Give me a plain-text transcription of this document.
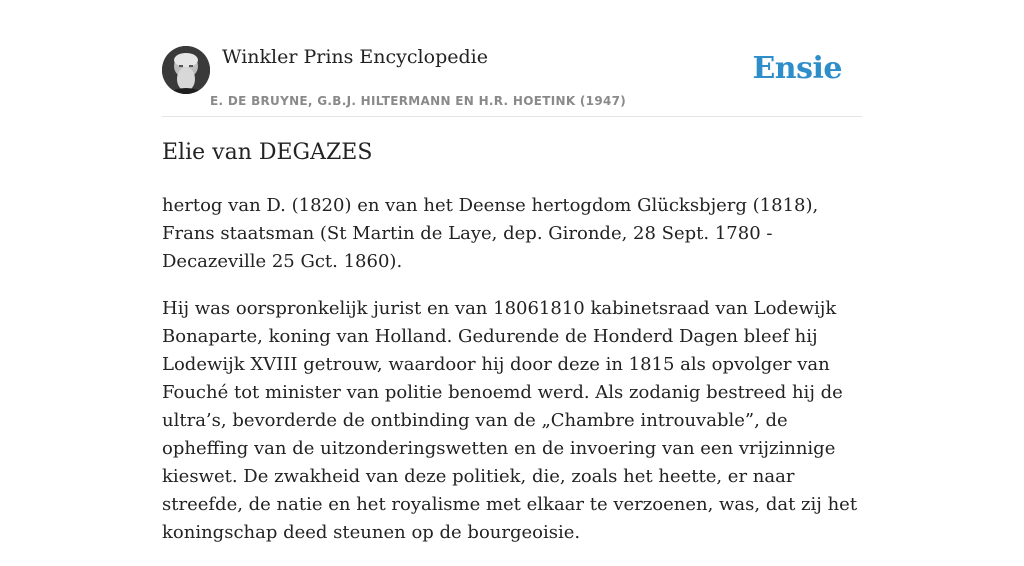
Winkler Prins Encyclopedie
E. DE BRUYNE, G.B.J. HILTERMANN EN H.R. HOETINK (1947)
Ensie
Elie van DEGAZES

hertog van D. (1820) en van het Deense hertogdom Glücksbjerg (1818), Frans staatsman (St Martin de Laye, dep. Gironde, 28 Sept. 1780 - Decazeville 25 Gct. 1860).

Hij was oorspronkelijk jurist en van 18061810 kabinetsraad van Lodewijk Bonaparte, koning van Holland. Gedurende de Honderd Dagen bleef hij Lodewijk XVIII getrouw, waardoor hij door deze in 1815 als opvolger van Fouché tot minister van politie benoemd werd. Als zodanig bestreed hij de ultra’s, bevorderde de ontbinding van de „Chambre introuvable”, de opheffing van de uitzonderingswetten en de invoering van een vrijzinnige kieswet. De zwakheid van deze politiek, die, zoals het heette, er naar streefde, de natie en het royalisme met elkaar te verzoenen, was, dat zij het koningschap deed steunen op de bourgeoisie.
